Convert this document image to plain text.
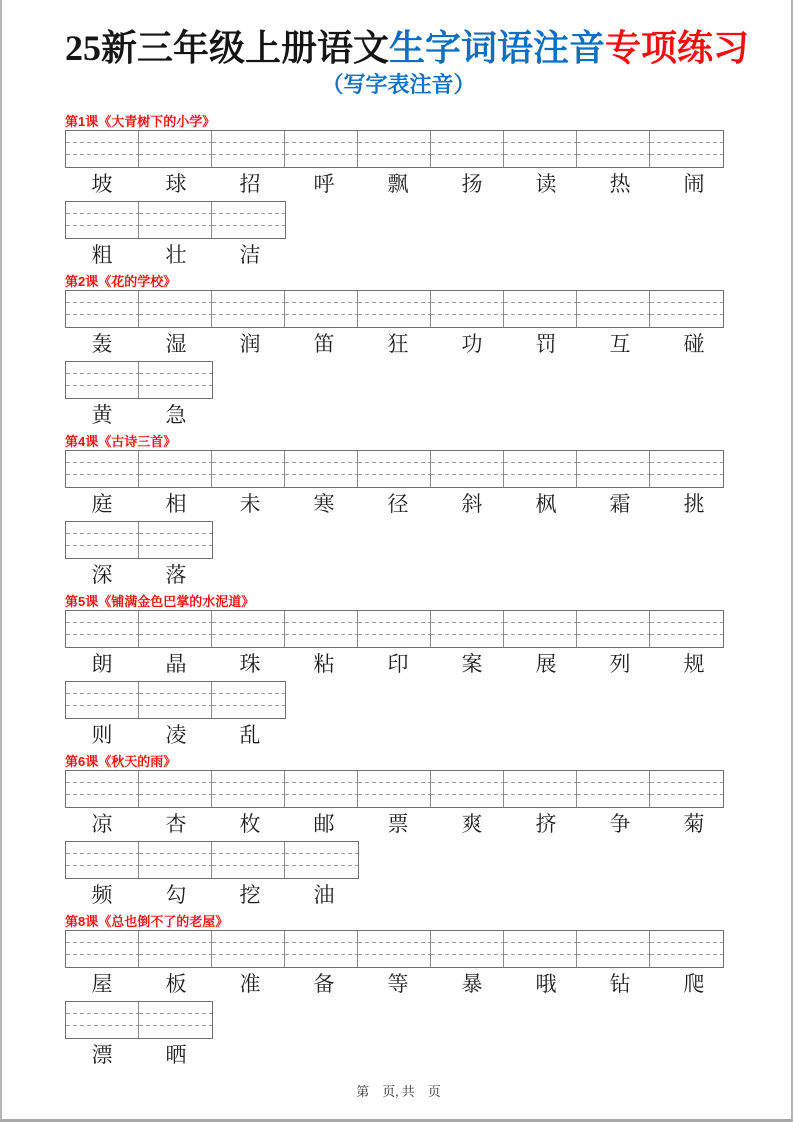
25新三年级上册语文生字词语注音专项练习
（写字表注音）
第1课《大青树下的小学》
坡	球	招	呼	飘	扬	读	热	闹
粗	壮	洁
第2课《花的学校》
轰	湿	润	笛	狂	功	罚	互	碰
黄	急
第4课《古诗三首》
庭	相	未	寒	径	斜	枫	霜	挑
深	落
第5课《铺满金色巴掌的水泥道》
朗	晶	珠	粘	印	案	展	列	规
则	凌	乱
第6课《秋天的雨》
凉	杏	枚	邮	票	爽	挤	争	菊
频	勾	挖	油
第8课《总也倒不了的老屋》
屋	板	准	备	等	暴	哦	钻	爬
漂	晒
第　页, 共　页
